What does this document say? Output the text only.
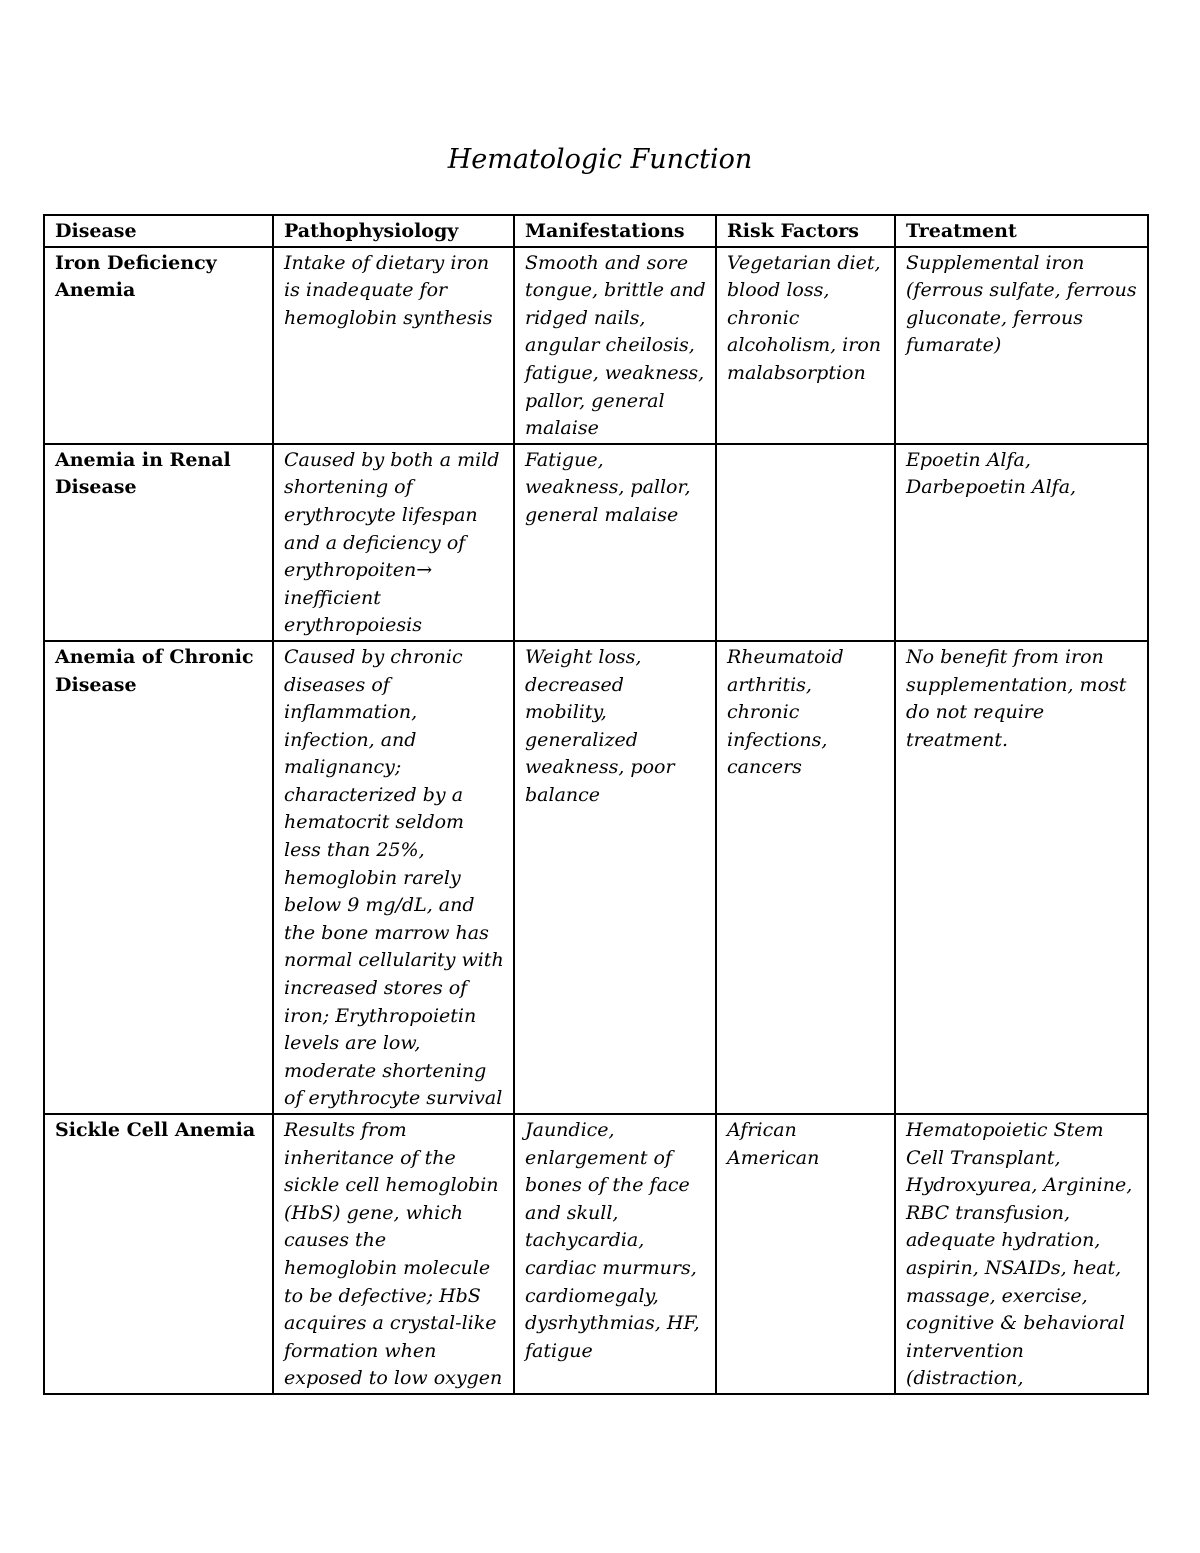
Hematologic Function
Disease	Pathophysiology	Manifestations	Risk Factors	Treatment
Iron Deficiency Anemia	Intake of dietary iron is inadequate for hemoglobin synthesis	Smooth and sore tongue, brittle and ridged nails, angular cheilosis, fatigue, weakness, pallor, general malaise	Vegetarian diet, blood loss, chronic alcoholism, iron malabsorption	Supplemental iron (ferrous sulfate, ferrous gluconate, ferrous fumarate)
Anemia in Renal Disease	Caused by both a mild shortening of erythrocyte lifespan and a deficiency of erythropoiten→ inefficient erythropoiesis	Fatigue, weakness, pallor, general malaise		Epoetin Alfa, Darbepoetin Alfa,
Anemia of Chronic Disease	Caused by chronic diseases of inflammation, infection, and malignancy; characterized by a hematocrit seldom less than 25%, hemoglobin rarely below 9 mg/dL, and the bone marrow has normal cellularity with increased stores of iron; Erythropoietin levels are low, moderate shortening of erythrocyte survival	Weight loss, decreased mobility, generalized weakness, poor balance	Rheumatoid arthritis, chronic infections, cancers	No benefit from iron supplementation, most do not require treatment.
Sickle Cell Anemia	Results from inheritance of the sickle cell hemoglobin (HbS) gene, which causes the hemoglobin molecule to be defective; HbS acquires a crystal-like formation when exposed to low oxygen	Jaundice, enlargement of bones of the face and skull, tachycardia, cardiac murmurs, cardiomegaly, dysrhythmias, HF, fatigue	African American	Hematopoietic Stem Cell Transplant, Hydroxyurea, Arginine, RBC transfusion, adequate hydration, aspirin, NSAIDs, heat, massage, exercise, cognitive & behavioral intervention (distraction,
